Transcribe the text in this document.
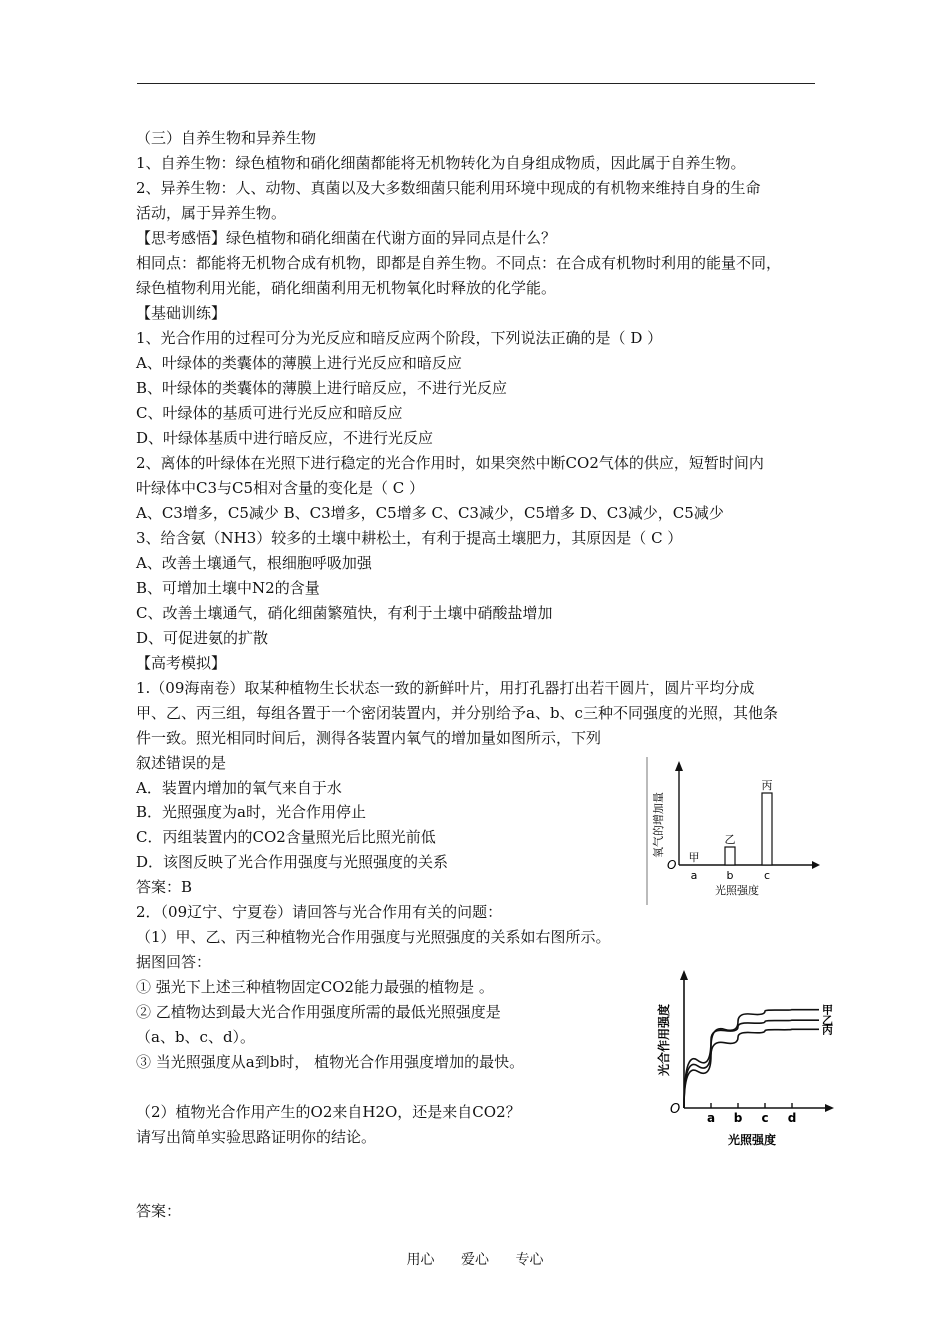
（三）自养生物和异养生物
1、自养生物：绿色植物和硝化细菌都能将无机物转化为自身组成物质，因此属于自养生物。
2、异养生物：人、动物、真菌以及大多数细菌只能利用环境中现成的有机物来维持自身的生命
活动，属于异养生物。
【思考感悟】绿色植物和硝化细菌在代谢方面的异同点是什么？
相同点：都能将无机物合成有机物，即都是自养生物。不同点：在合成有机物时利用的能量不同，
绿色植物利用光能，硝化细菌利用无机物氧化时释放的化学能。
【基础训练】
1、光合作用的过程可分为光反应和暗反应两个阶段，下列说法正确的是（ D ）
A、叶绿体的类囊体的薄膜上进行光反应和暗反应
B、叶绿体的类囊体的薄膜上进行暗反应，不进行光反应
C、叶绿体的基质可进行光反应和暗反应
D、叶绿体基质中进行暗反应，不进行光反应
2、离体的叶绿体在光照下进行稳定的光合作用时，如果突然中断CO2气体的供应，短暂时间内
叶绿体中C3与C5相对含量的变化是（ C ）
A、C3增多，C5减少 B、C3增多，C5增多 C、C3减少，C5增多 D、C3减少，C5减少
3、给含氨（NH3）较多的土壤中耕松土，有利于提高土壤肥力，其原因是（ C ）
A、改善土壤通气，根细胞呼吸加强
B、可增加土壤中N2的含量
C、改善土壤通气，硝化细菌繁殖快，有利于土壤中硝酸盐增加
D、可促进氨的扩散
【高考模拟】
1.（09海南卷）取某种植物生长状态一致的新鲜叶片，用打孔器打出若干圆片，圆片平均分成
甲、乙、丙三组，每组各置于一个密闭装置内，并分别给予a、b、c三种不同强度的光照，其他条
件一致。照光相同时间后，测得各装置内氧气的增加量如图所示，下列
叙述错误的是
A．装置内增加的氧气来自于水
B．光照强度为a时，光合作用停止
C．丙组装置内的CO2含量照光后比照光前低
D．该图反映了光合作用强度与光照强度的关系
答案：B
2．（09辽宁、宁夏卷）请回答与光合作用有关的问题：
（1）甲、乙、丙三种植物光合作用强度与光照强度的关系如右图所示。
据图回答：
① 强光下上述三种植物固定CO2能力最强的植物是 。
② 乙植物达到最大光合作用强度所需的最低光照强度是
（a、b、c、d）。
③ 当光照强度从a到b时， 植物光合作用强度增加的最快。
（2）植物光合作用产生的O2来自H2O，还是来自CO2？
请写出简单实验思路证明你的结论。
答案：
氧气的增加量
光照强度
O
甲
a
乙
b
丙
c
光合作用强度
光照强度
O
a b c d
甲
乙
丙
用心 爱心 专心
